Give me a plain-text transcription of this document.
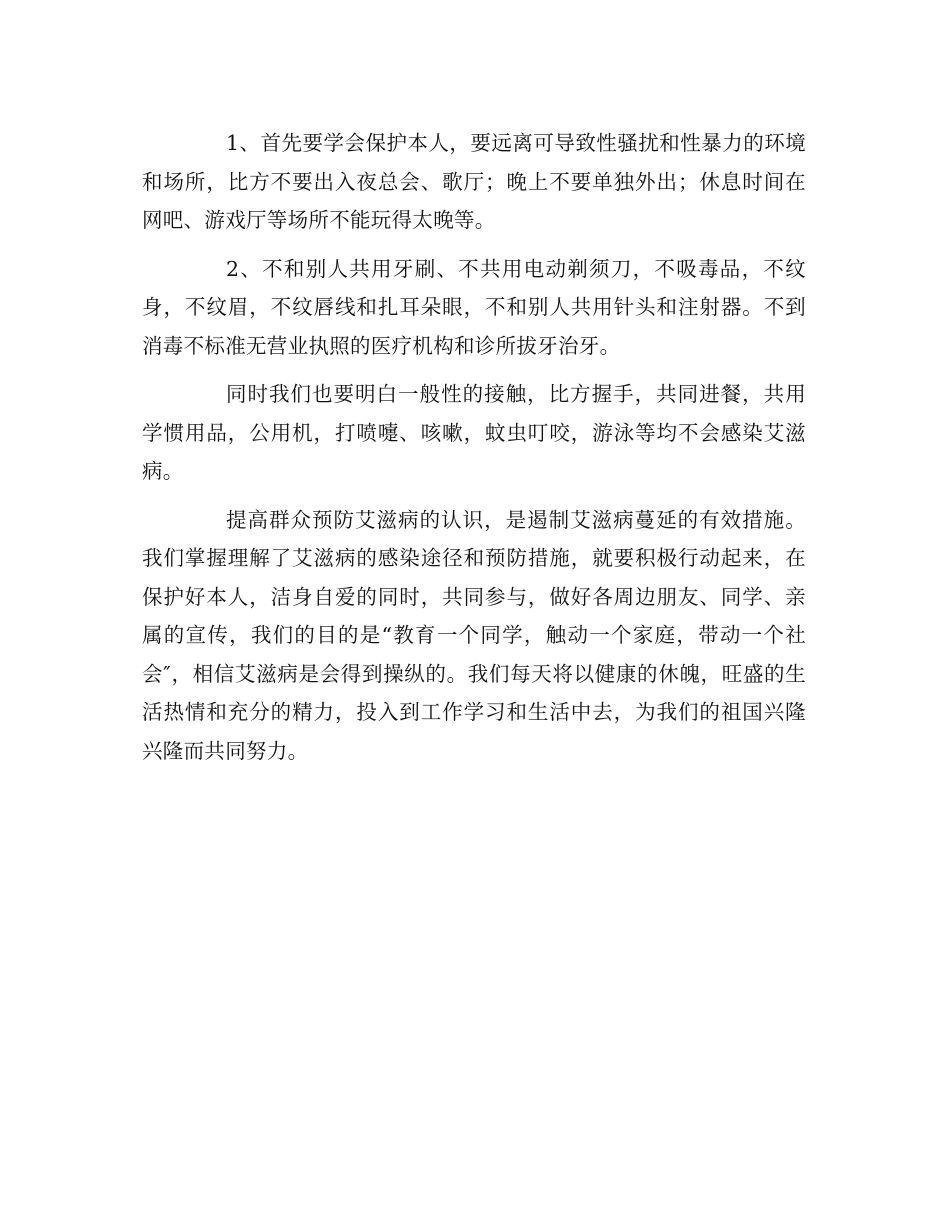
1、首先要学会保护本人，要远离可导致性骚扰和性暴力的环境和场所，比方不要出入夜总会、歌厅；晚上不要单独外出；休息时间在网吧、游戏厅等场所不能玩得太晚等。

2、不和别人共用牙刷、不共用电动剃须刀，不吸毒品，不纹身，不纹眉，不纹唇线和扎耳朵眼，不和别人共用针头和注射器。不到消毒不标准无营业执照的医疗机构和诊所拔牙治牙。

同时我们也要明白一般性的接触，比方握手，共同进餐，共用学惯用品，公用机，打喷嚏、咳嗽，蚊虫叮咬，游泳等均不会感染艾滋病。

提高群众预防艾滋病的认识，是遏制艾滋病蔓延的有效措施。我们掌握理解了艾滋病的感染途径和预防措施，就要积极行动起来，在保护好本人，洁身自爱的同时，共同参与，做好各周边朋友、同学、亲属的宣传，我们的目的是“教育一个同学，触动一个家庭，带动一个社会″，相信艾滋病是会得到操纵的。我们每天将以健康的休魄，旺盛的生活热情和充分的精力，投入到工作学习和生活中去，为我们的祖国兴隆兴隆而共同努力。
